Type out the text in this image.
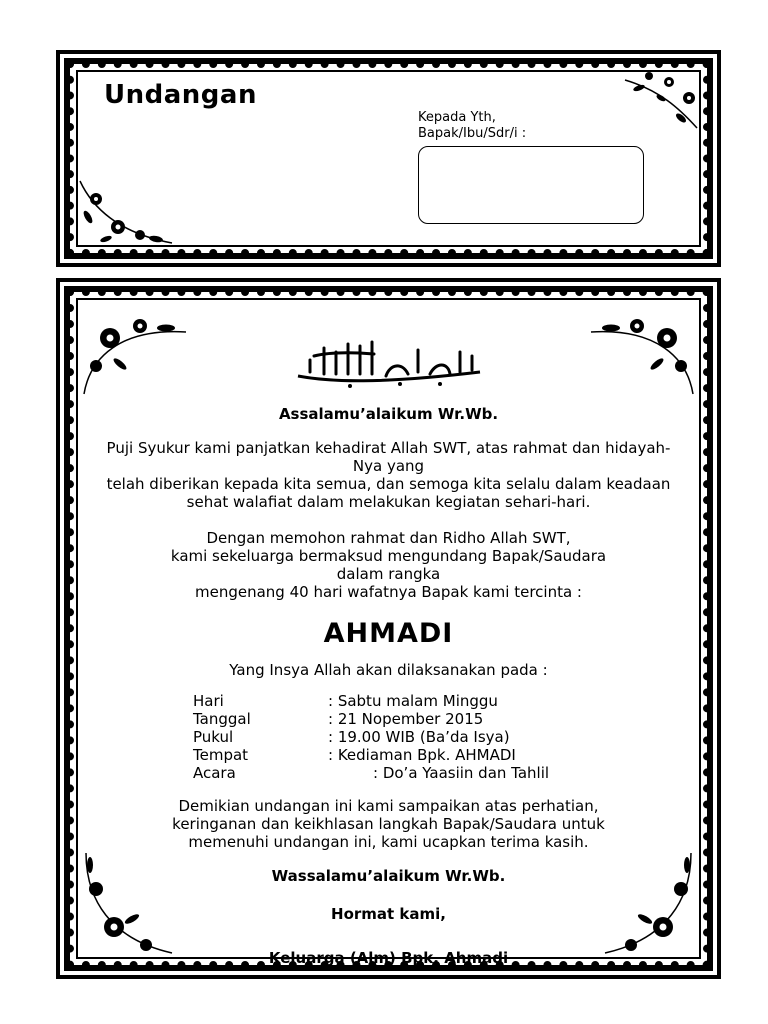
Undangan
Kepada Yth,
Bapak/Ibu/Sdr/i :
Assalamu’alaikum Wr.Wb.
Puji Syukur kami panjatkan kehadirat Allah SWT, atas rahmat dan hidayah-
Nya yang
telah diberikan kepada kita semua, dan semoga kita selalu dalam keadaan
sehat walafiat dalam melakukan kegiatan sehari-hari.
Dengan memohon rahmat dan Ridho Allah SWT,
kami sekeluarga bermaksud mengundang Bapak/Saudara
dalam rangka
mengenang 40 hari wafatnya Bapak kami tercinta :
AHMADI
Yang Insya Allah akan dilaksanakan pada :
Hari	: Sabtu malam Minggu
Tanggal	: 21 Nopember 2015
Pukul	: 19.00 WIB (Ba’da Isya)
Tempat	: Kediaman Bpk. AHMADI
Acara	: Do’a Yaasiin dan Tahlil
Demikian undangan ini kami sampaikan atas perhatian,
keringanan dan keikhlasan langkah Bapak/Saudara untuk
memenuhi undangan ini, kami ucapkan terima kasih.
Wassalamu’alaikum Wr.Wb.
Hormat kami,
Keluarga (Alm) Bpk. Ahmadi
